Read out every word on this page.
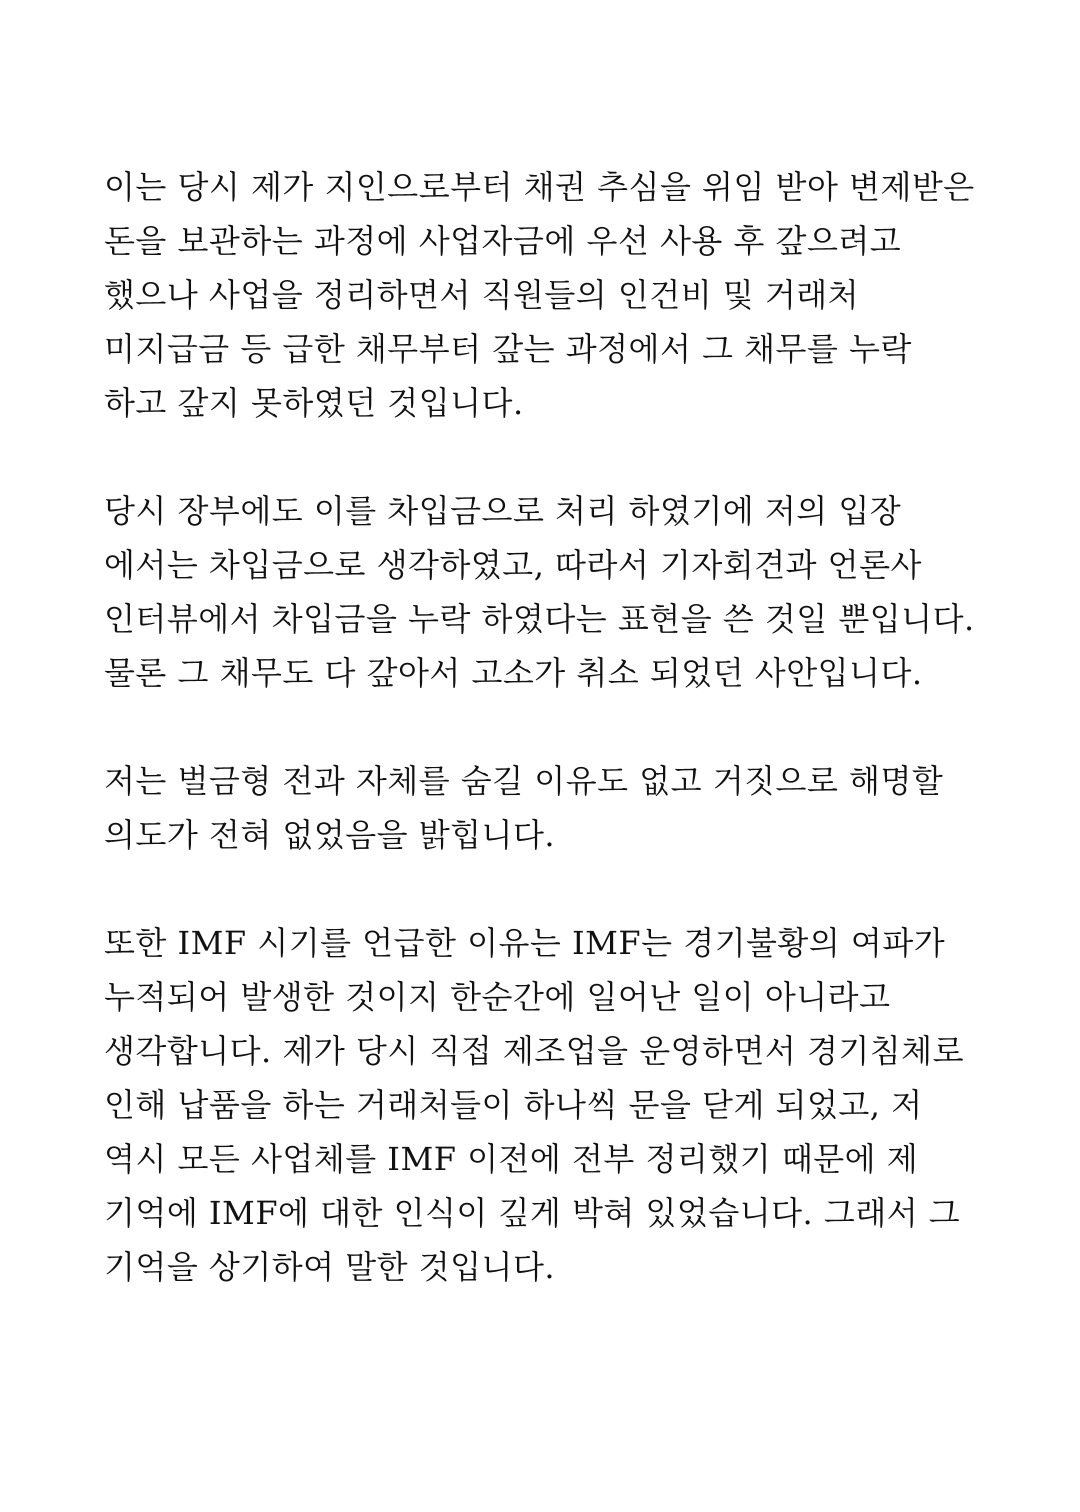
이는 당시 제가 지인으로부터 채권 추심을 위임 받아 변제받은
돈을 보관하는 과정에 사업자금에 우선 사용 후 갚으려고
했으나 사업을 정리하면서 직원들의 인건비 및 거래처
미지급금 등 급한 채무부터 갚는 과정에서 그 채무를 누락
하고 갚지 못하였던 것입니다.
당시 장부에도 이를 차입금으로 처리 하였기에 저의 입장
에서는 차입금으로 생각하였고, 따라서 기자회견과 언론사
인터뷰에서 차입금을 누락 하였다는 표현을 쓴 것일 뿐입니다.
물론 그 채무도 다 갚아서 고소가 취소 되었던 사안입니다.
저는 벌금형 전과 자체를 숨길 이유도 없고 거짓으로 해명할
의도가 전혀 없었음을 밝힙니다.
또한 IMF 시기를 언급한 이유는 IMF는 경기불황의 여파가
누적되어 발생한 것이지 한순간에 일어난 일이 아니라고
생각합니다. 제가 당시 직접 제조업을 운영하면서 경기침체로
인해 납품을 하는 거래처들이 하나씩 문을 닫게 되었고, 저
역시 모든 사업체를 IMF 이전에 전부 정리했기 때문에 제
기억에 IMF에 대한 인식이 깊게 박혀 있었습니다. 그래서 그
기억을 상기하여 말한 것입니다.
